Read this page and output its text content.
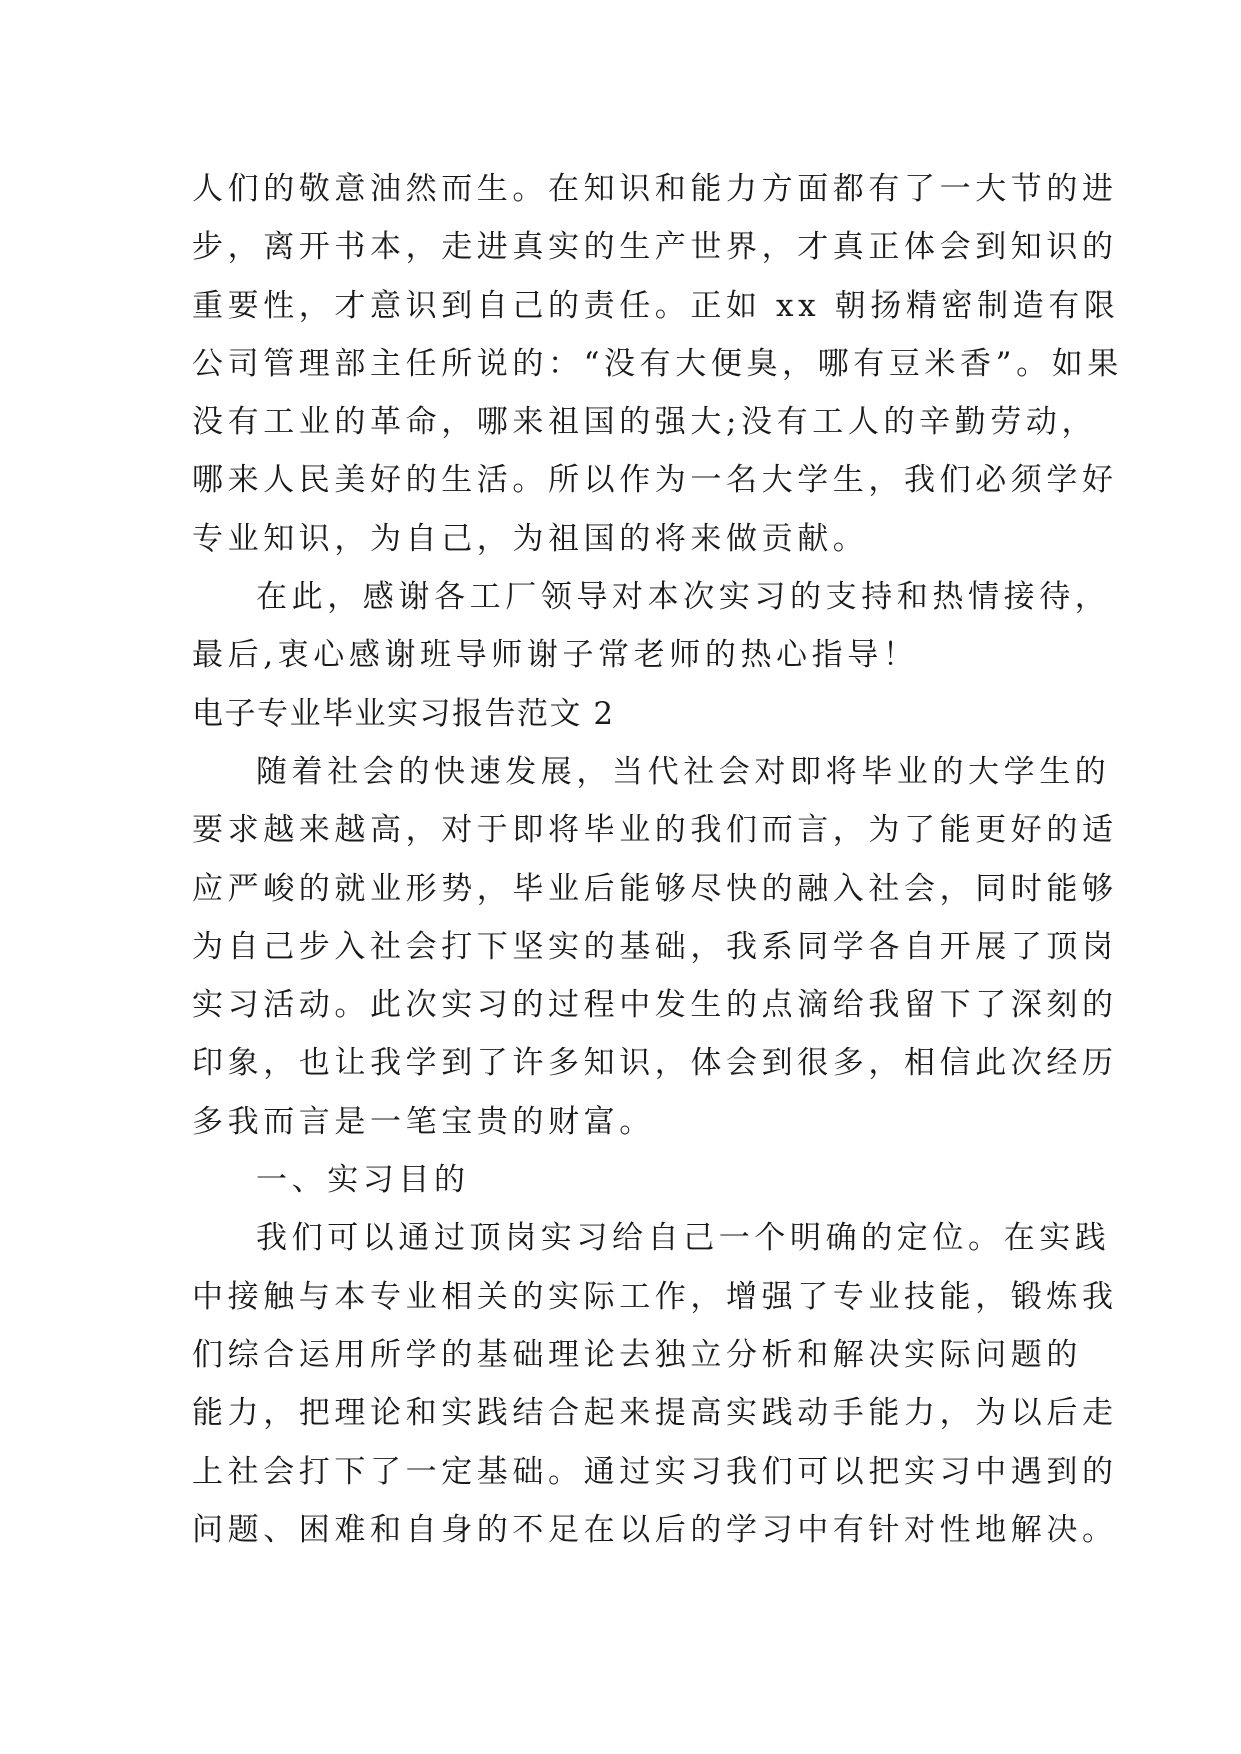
人们的敬意油然而生。在知识和能力方面都有了一大节的进
步，离开书本，走进真实的生产世界，才真正体会到知识的
重要性，才意识到自己的责任。正如 xx 朝扬精密制造有限
公司管理部主任所说的：“没有大便臭，哪有豆米香”。如果
没有工业的革命，哪来祖国的强大;没有工人的辛勤劳动，
哪来人民美好的生活。所以作为一名大学生，我们必须学好
专业知识，为自己，为祖国的将来做贡献。
在此，感谢各工厂领导对本次实习的支持和热情接待，
最后,衷心感谢班导师谢子常老师的热心指导！
电子专业毕业实习报告范文 2
随着社会的快速发展，当代社会对即将毕业的大学生的
要求越来越高，对于即将毕业的我们而言，为了能更好的适
应严峻的就业形势，毕业后能够尽快的融入社会，同时能够
为自己步入社会打下坚实的基础，我系同学各自开展了顶岗
实习活动。此次实习的过程中发生的点滴给我留下了深刻的
印象，也让我学到了许多知识，体会到很多，相信此次经历
多我而言是一笔宝贵的财富。
一、实习目的
我们可以通过顶岗实习给自己一个明确的定位。在实践
中接触与本专业相关的实际工作，增强了专业技能，锻炼我
们综合运用所学的基础理论去独立分析和解决实际问题的
能力，把理论和实践结合起来提高实践动手能力，为以后走
上社会打下了一定基础。通过实习我们可以把实习中遇到的
问题、困难和自身的不足在以后的学习中有针对性地解决。
